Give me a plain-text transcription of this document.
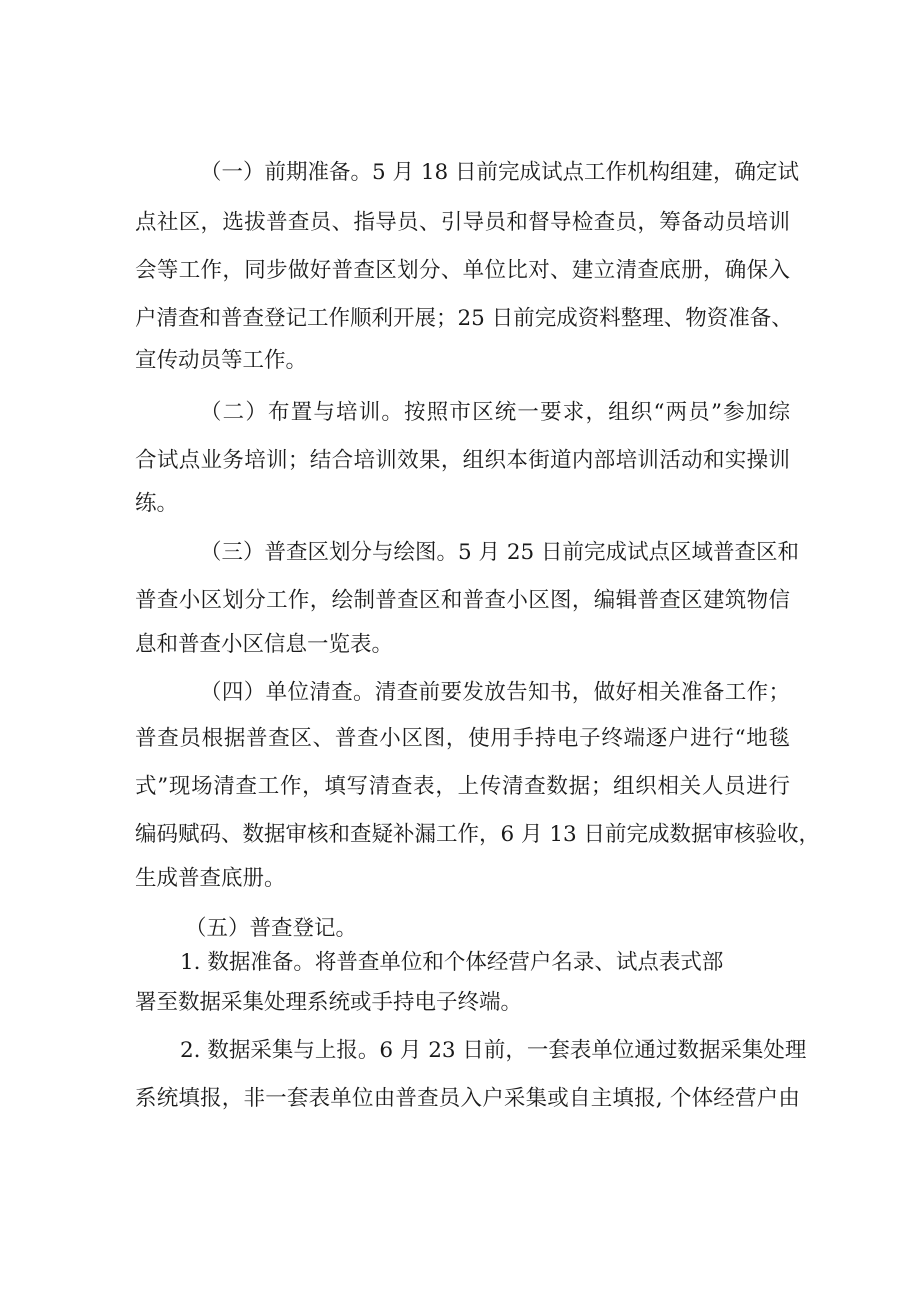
（一）前期准备。5 月 18 日前完成试点工作机构组建，确定试
点社区，选拔普查员、指导员、引导员和督导检查员，筹备动员培训
会等工作，同步做好普查区划分、单位比对、建立清查底册，确保入
户清查和普查登记工作顺利开展；25 日前完成资料整理、物资准备、
宣传动员等工作。
（二）布置与培训。按照市区统一要求，组织“两员”参加综
合试点业务培训；结合培训效果，组织本街道内部培训活动和实操训
练。
（三）普查区划分与绘图。5 月 25 日前完成试点区域普查区和
普查小区划分工作，绘制普查区和普查小区图，编辑普查区建筑物信
息和普查小区信息一览表。
（四）单位清查。清查前要发放告知书，做好相关准备工作；
普查员根据普查区、普查小区图，使用手持电子终端逐户进行“地毯
式”现场清查工作，填写清查表，上传清查数据；组织相关人员进行
编码赋码、数据审核和查疑补漏工作，6 月 13 日前完成数据审核验收，
生成普查底册。
（五）普查登记。
1. 数据准备。将普查单位和个体经营户名录、试点表式部
署至数据采集处理系统或手持电子终端。
2. 数据采集与上报。6 月 23 日前，一套表单位通过数据采集处理
系统填报，非一套表单位由普查员入户采集或自主填报, 个体经营户由
